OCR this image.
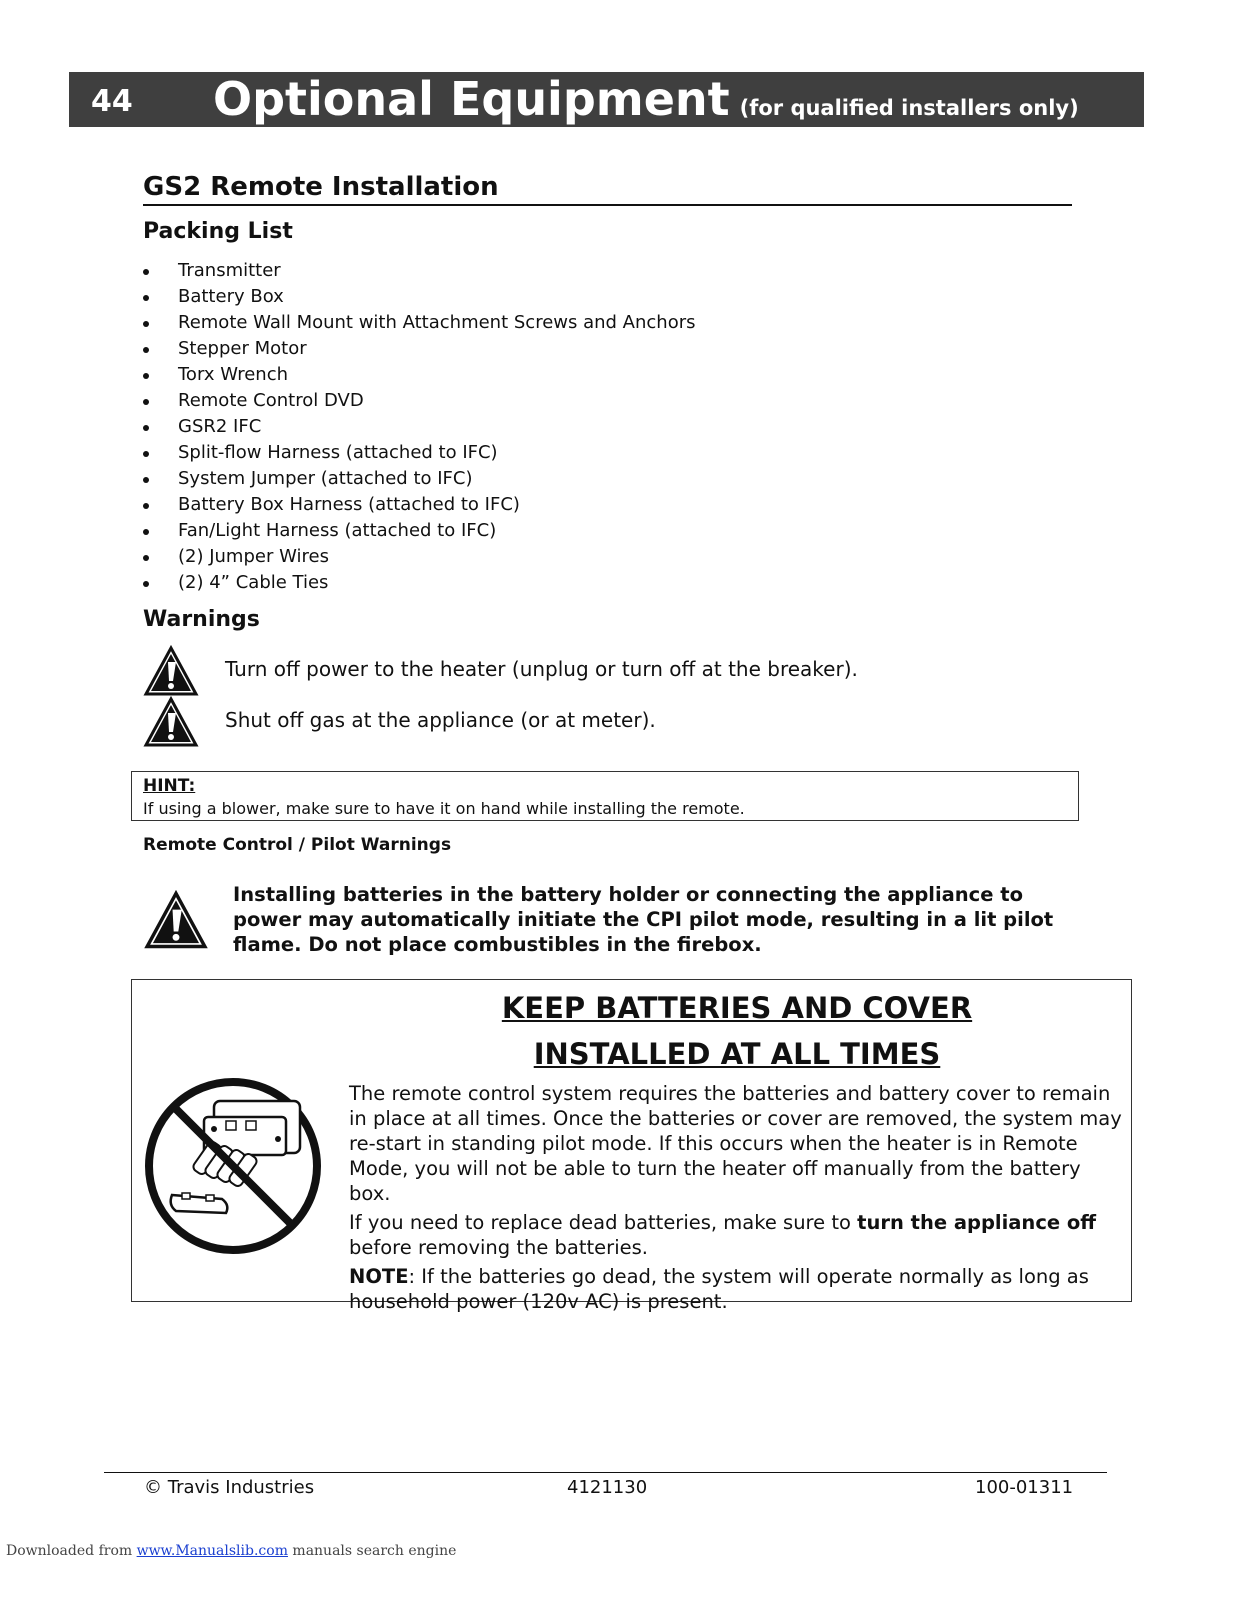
44 Optional Equipment (for qualified installers only)
GS2 Remote Installation
Packing List
Transmitter
Battery Box
Remote Wall Mount with Attachment Screws and Anchors
Stepper Motor
Torx Wrench
Remote Control DVD
GSR2 IFC
Split-flow Harness (attached to IFC)
System Jumper (attached to IFC)
Battery Box Harness (attached to IFC)
Fan/Light Harness (attached to IFC)
(2) Jumper Wires
(2) 4” Cable Ties
Warnings
Turn off power to the heater (unplug or turn off at the breaker).
Shut off gas at the appliance (or at meter).
HINT:
If using a blower, make sure to have it on hand while installing the remote.
Remote Control / Pilot Warnings
Installing batteries in the battery holder or connecting the appliance to power may automatically initiate the CPI pilot mode, resulting in a lit pilot flame. Do not place combustibles in the firebox.
KEEP BATTERIES AND COVER
INSTALLED AT ALL TIMES

The remote control system requires the batteries and battery cover to remain in place at all times. Once the batteries or cover are removed, the system may re-start in standing pilot mode. If this occurs when the heater is in Remote Mode, you will not be able to turn the heater off manually from the battery box.

If you need to replace dead batteries, make sure to turn the appliance off before removing the batteries.

NOTE: If the batteries go dead, the system will operate normally as long as household power (120v AC) is present.

© Travis Industries	4121130	100-01311
Downloaded from www.Manualslib.com manuals search engine
